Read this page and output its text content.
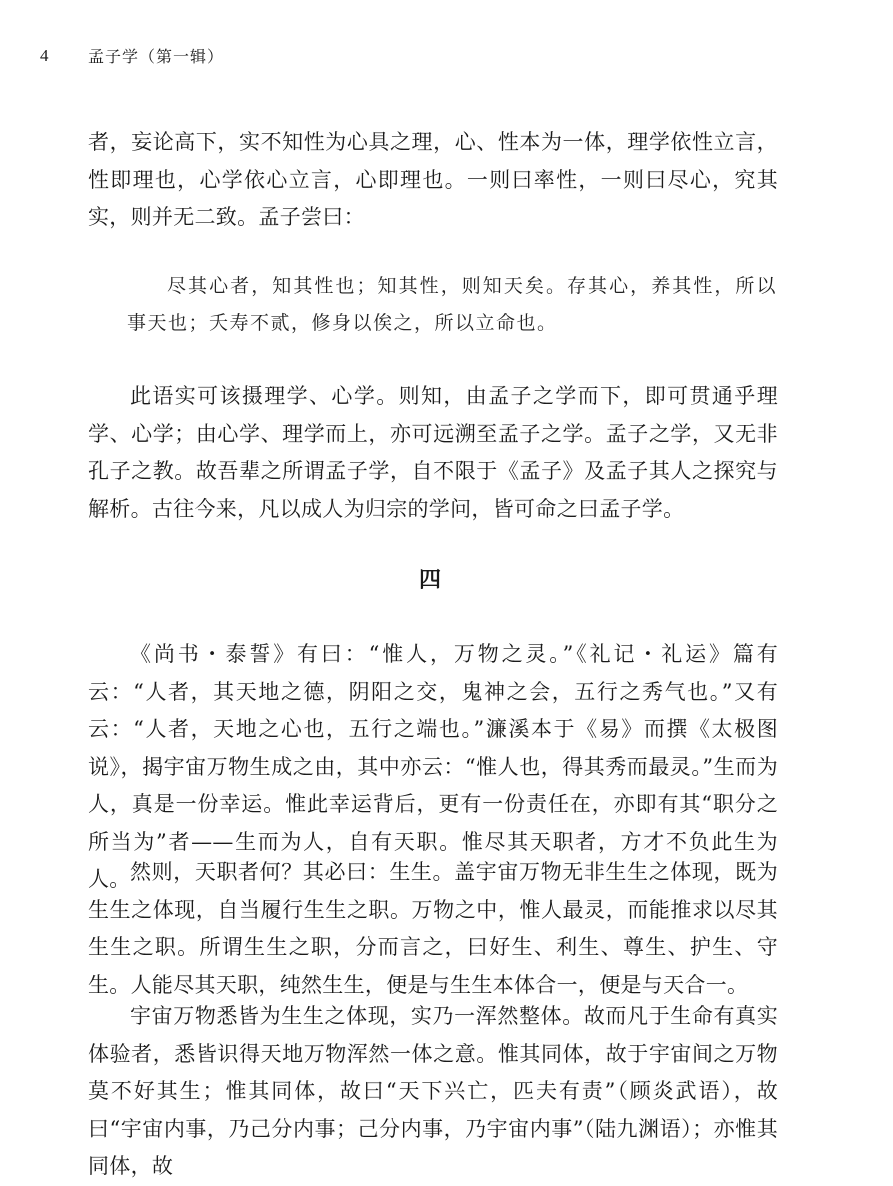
4	孟子学（第一辑）

者，妄论高下，实不知性为心具之理，心、性本为一体，理学依性立言，性即理也，心学依心立言，心即理也。一则曰率性，一则曰尽心，究其实，则并无二致。孟子尝曰：

尽其心者，知其性也；知其性，则知天矣。存其心，养其性，所以事天也；夭寿不贰，修身以俟之，所以立命也。

此语实可该摄理学、心学。则知，由孟子之学而下，即可贯通乎理学、心学；由心学、理学而上，亦可远溯至孟子之学。孟子之学，又无非孔子之教。故吾辈之所谓孟子学，自不限于《孟子》及孟子其人之探究与解析。古往今来，凡以成人为归宗的学问，皆可命之曰孟子学。

四

《尚书・泰誓》有曰：“惟人，万物之灵。”《礼记・礼运》篇有云：“人者，其天地之德，阴阳之交，鬼神之会，五行之秀气也。”又有云：“人者，天地之心也，五行之端也。”濂溪本于《易》而撰《太极图说》，揭宇宙万物生成之由，其中亦云：“惟人也，得其秀而最灵。”生而为人，真是一份幸运。惟此幸运背后，更有一份责任在，亦即有其“职分之所当为”者——生而为人，自有天职。惟尽其天职者，方才不负此生为人。 然则，天职者何？其必曰：生生。盖宇宙万物无非生生之体现，既为生生之体现，自当履行生生之职。万物之中，惟人最灵，而能推求以尽其生生之职。所谓生生之职，分而言之，曰好生、利生、尊生、护生、守生。人能尽其天职，纯然生生，便是与生生本体合一，便是与天合一。

宇宙万物悉皆为生生之体现，实乃一浑然整体。故而凡于生命有真实体验者，悉皆识得天地万物浑然一体之意。惟其同体，故于宇宙间之万物莫不好其生；惟其同体，故曰“天下兴亡，匹夫有责”（顾炎武语），故曰“宇宙内事，乃己分内事；己分内事，乃宇宙内事”（陆九渊语）；亦惟其同体，故
